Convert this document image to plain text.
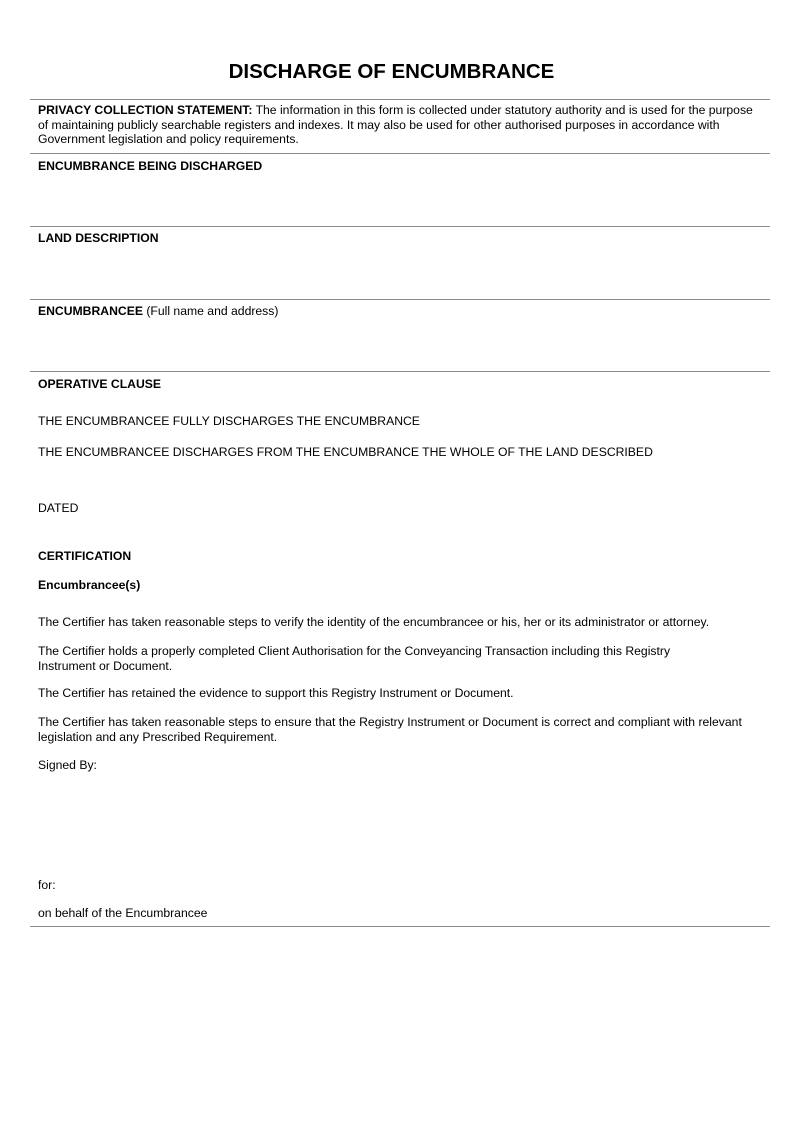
DISCHARGE OF ENCUMBRANCE
PRIVACY COLLECTION STATEMENT: The information in this form is collected under statutory authority and is used for the purpose of maintaining publicly searchable registers and indexes. It may also be used for other authorised purposes in accordance with Government legislation and policy requirements.
ENCUMBRANCE BEING DISCHARGED
LAND DESCRIPTION
ENCUMBRANCEE (Full name and address)
OPERATIVE CLAUSE
THE ENCUMBRANCEE FULLY DISCHARGES THE ENCUMBRANCE
THE ENCUMBRANCEE DISCHARGES FROM THE ENCUMBRANCE THE WHOLE OF THE LAND DESCRIBED
DATED
CERTIFICATION
Encumbrancee(s)
The Certifier has taken reasonable steps to verify the identity of the encumbrancee or his, her or its administrator or attorney.
The Certifier holds a properly completed Client Authorisation for the Conveyancing Transaction including this Registry Instrument or Document.
The Certifier has retained the evidence to support this Registry Instrument or Document.
The Certifier has taken reasonable steps to ensure that the Registry Instrument or Document is correct and compliant with relevant legislation and any Prescribed Requirement.
Signed By:
for:
on behalf of the Encumbrancee
